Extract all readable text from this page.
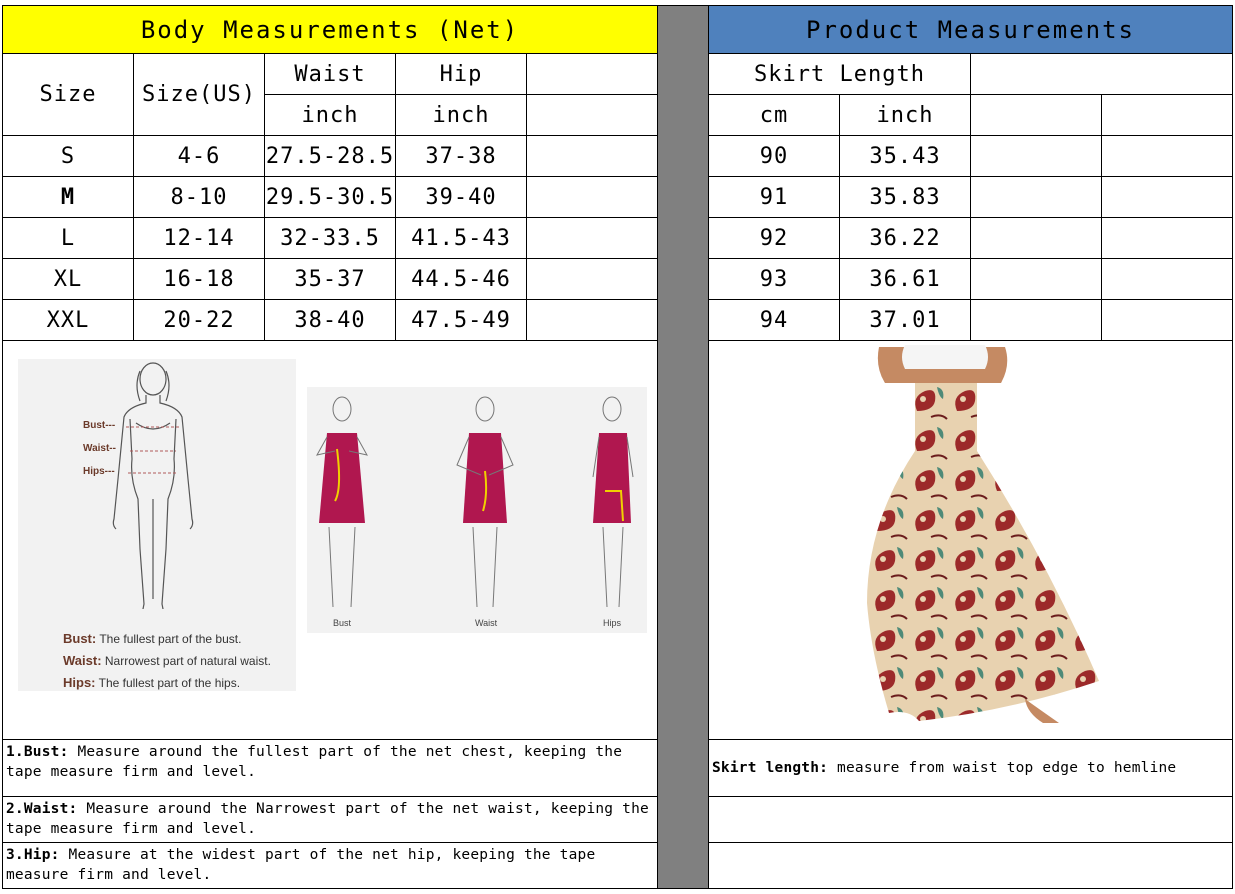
Body Measurements (Net)
Size	Size(US)
Waist	Hip
inch	inch
S	4-6	27.5-28.5	37-38
M	8-10	29.5-30.5	39-40
L	12-14	32-33.5	41.5-43
XL	16-18	35-37	44.5-46
XXL	20-22	38-40	47.5-49
Bust---
Waist--
Hips---
Bust: The fullest part of the bust.
Waist: Narrowest part of natural waist.
Hips: The fullest part of the hips.
Bust	Waist	Hips
1.Bust: Measure around the fullest part of the net chest, keeping the tape measure firm and level.
2.Waist: Measure around the Narrowest part of the net waist, keeping the tape measure firm and level.
3.Hip: Measure at the widest part of the net hip, keeping the tape measure firm and level.
Product Measurements
Skirt Length
cm	inch
90	35.43
91	35.83
92	36.22
93	36.61
94	37.01
Skirt length: measure from waist top edge to hemline
